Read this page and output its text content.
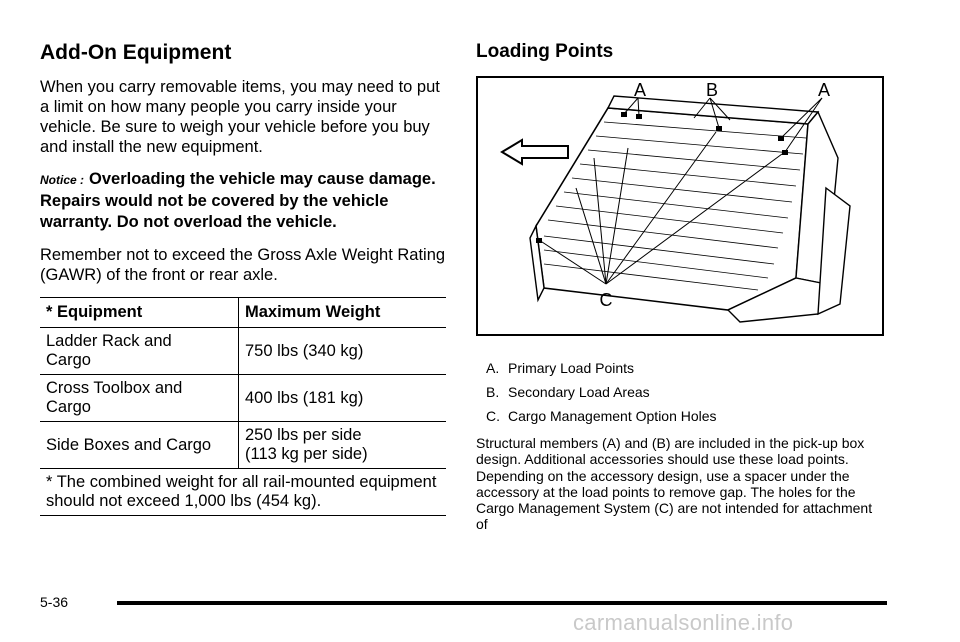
Add-On Equipment

When you carry removable items, you may need to put a limit on how many people you carry inside your vehicle. Be sure to weigh your vehicle before you buy and install the new equipment.

Notice : Overloading the vehicle may cause damage. Repairs would not be covered by the vehicle warranty. Do not overload the vehicle.

Remember not to exceed the Gross Axle Weight Rating (GAWR) of the front or rear axle.

* Equipment	Maximum Weight
Ladder Rack and
Cargo	750 lbs (340 kg)
Cross Toolbox and
Cargo	400 lbs (181 kg)
Side Boxes and Cargo	250 lbs per side
(113 kg per side)
* The combined weight for all rail-mounted equipment should not exceed 1,000 lbs (454 kg).	
Loading Points
A	B	A
C
A. Primary Load Points
B. Secondary Load Areas
C. Cargo Management Option Holes

Structural members (A) and (B) are included in the pick-up box design. Additional accessories should use these load points. Depending on the accessory design, use a spacer under the accessory at the load points to remove gap. The holes for the Cargo Management System (C) are not intended for attachment of

5-36
carmanualsonline.info
